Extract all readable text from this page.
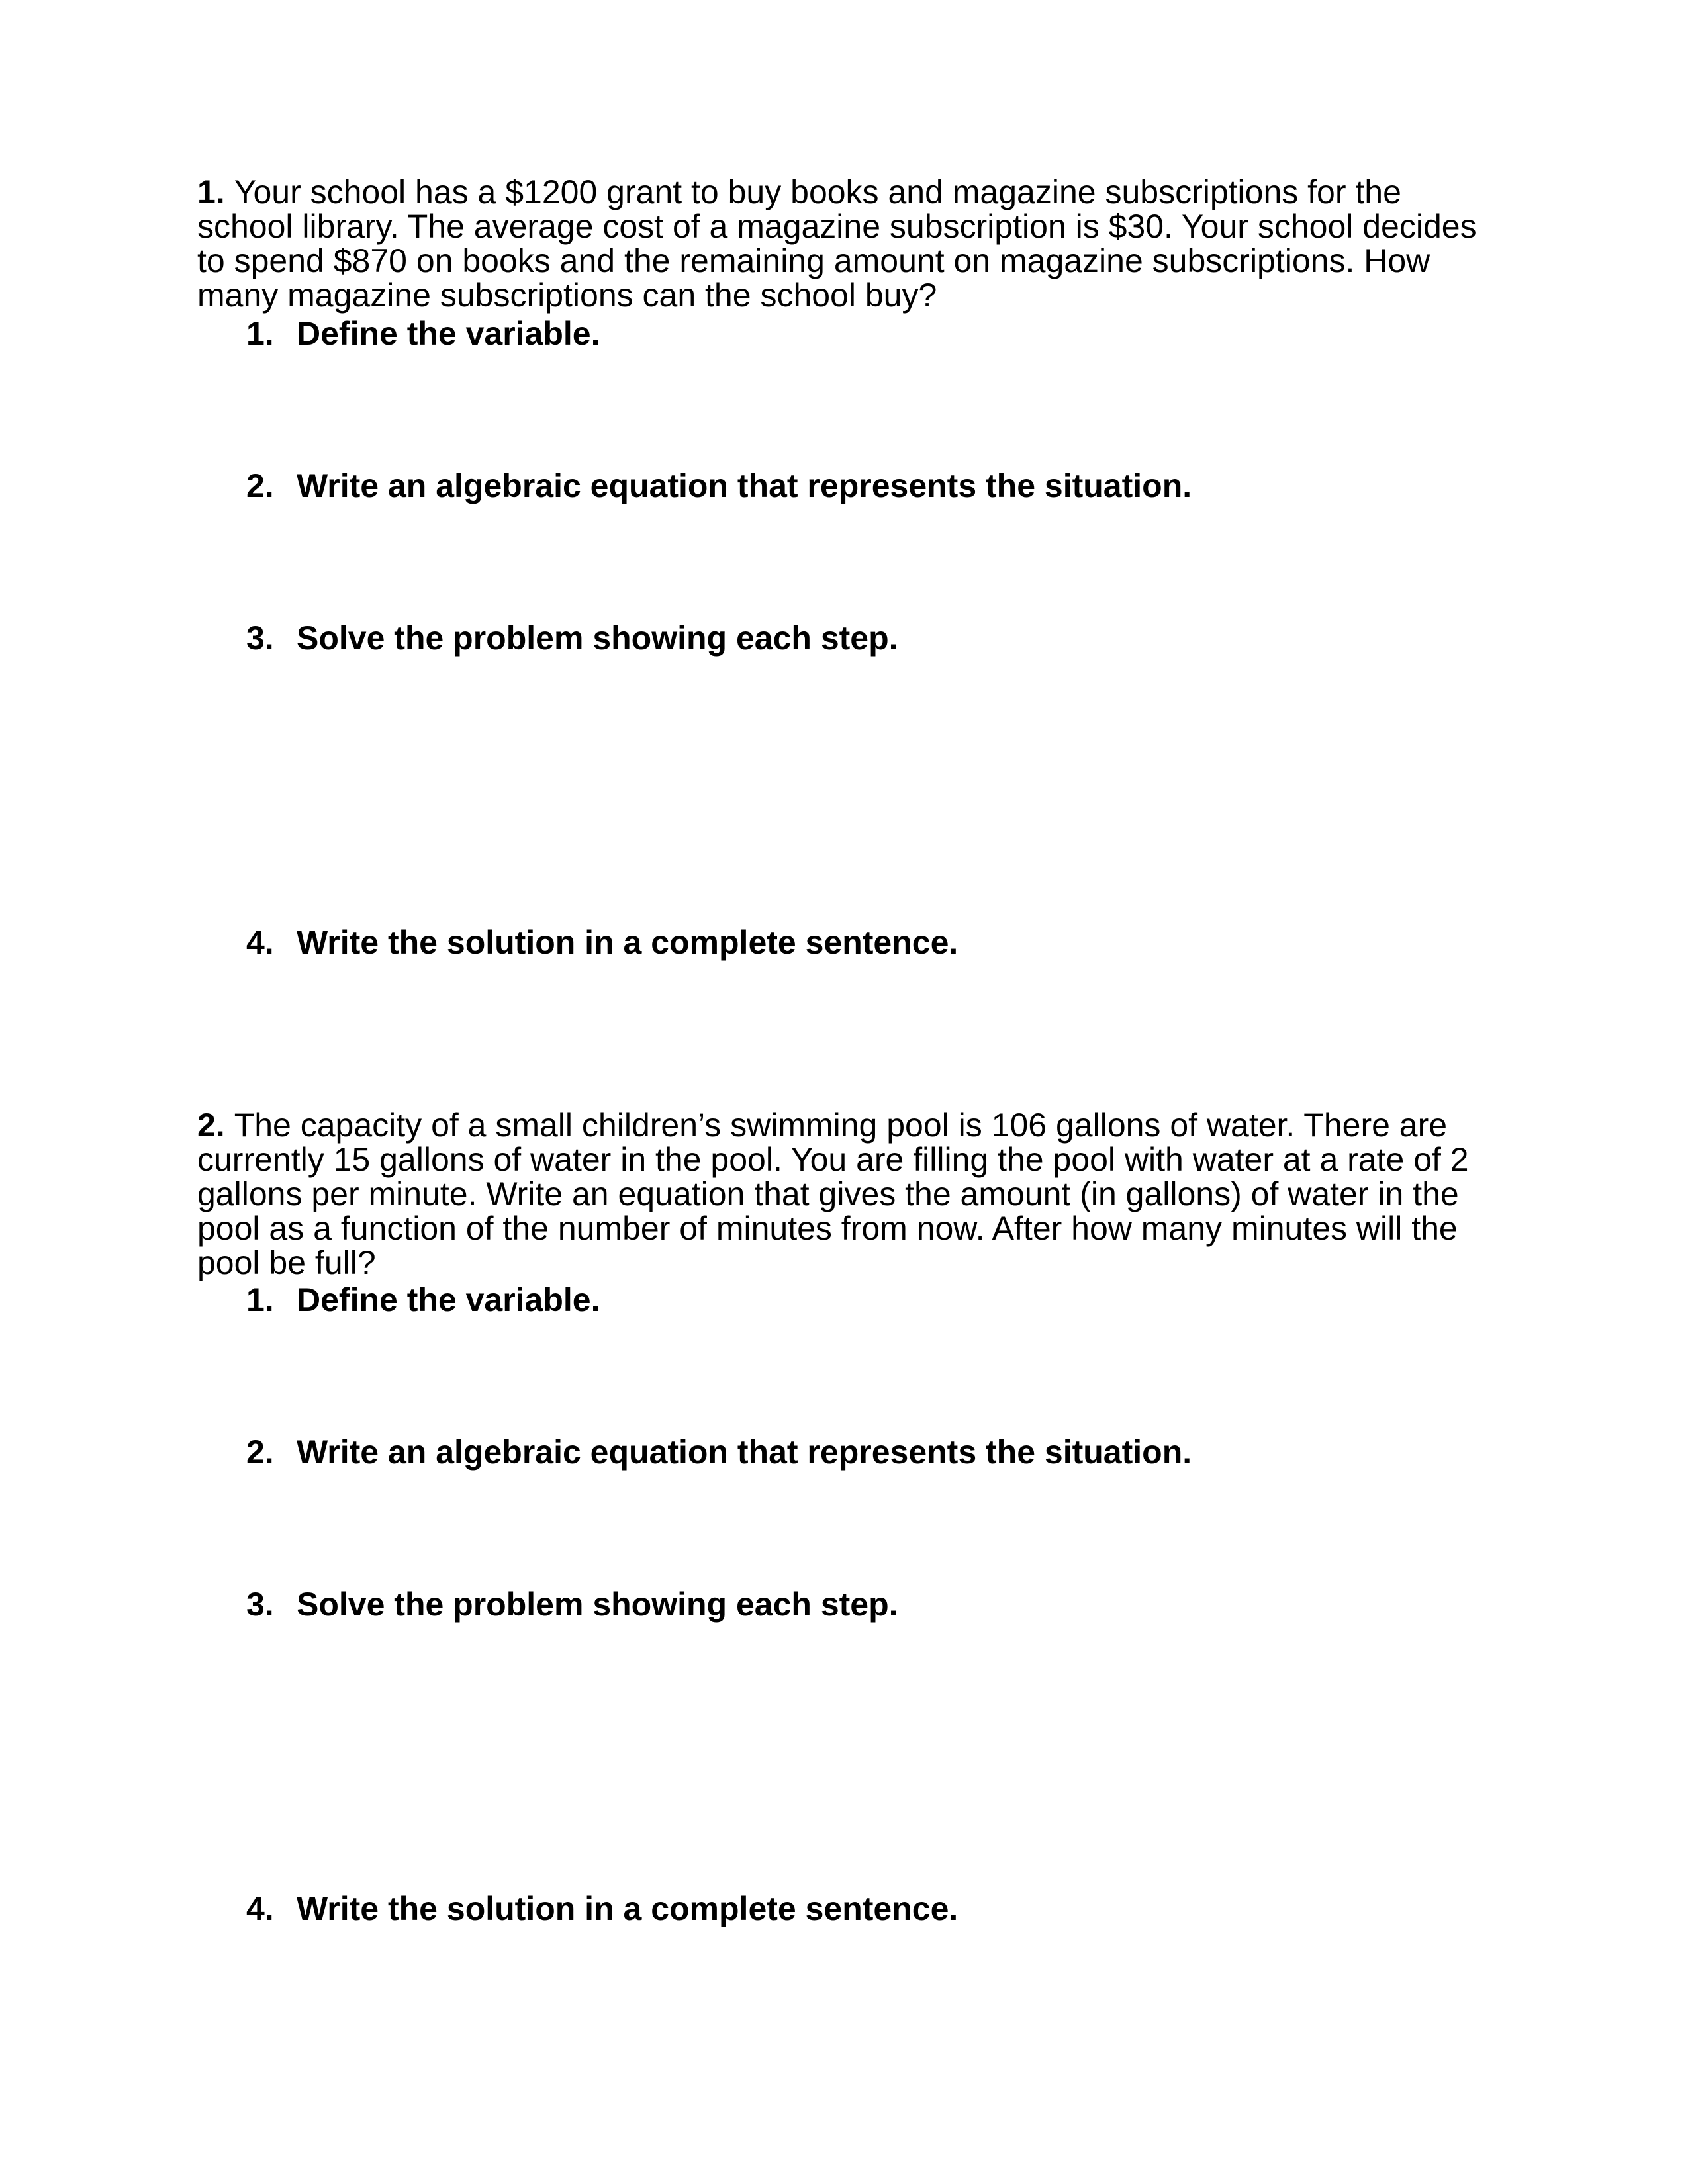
1. Your school has a $1200 grant to buy books and magazine subscriptions for the school library. The average cost of a magazine subscription is $30. Your school decides to spend $870 on books and the remaining amount on magazine subscriptions. How many magazine subscriptions can the school buy?

1. Define the variable.
2. Write an algebraic equation that represents the situation.
3. Solve the problem showing each step.
4. Write the solution in a complete sentence.

2. The capacity of a small children’s swimming pool is 106 gallons of water. There are currently 15 gallons of water in the pool. You are filling the pool with water at a rate of 2 gallons per minute. Write an equation that gives the amount (in gallons) of water in the pool as a function of the number of minutes from now. After how many minutes will the pool be full?

1. Define the variable.
2. Write an algebraic equation that represents the situation.
3. Solve the problem showing each step.
4. Write the solution in a complete sentence.
